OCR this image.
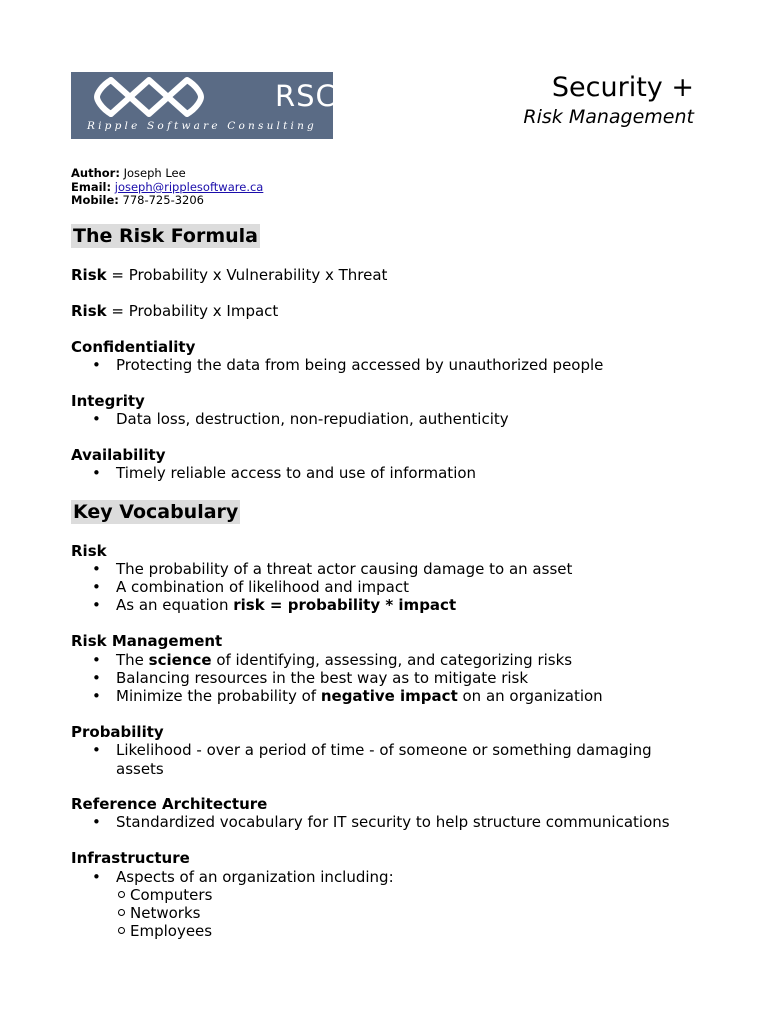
RSC
Ripple Software Consulting
Security +
Risk Management
Author: Joseph Lee
Email: joseph@ripplesoftware.ca
Mobile: 778-725-3206
The Risk Formula
Risk = Probability x Vulnerability x Threat
Risk = Probability x Impact
Confidentiality
•	Protecting the data from being accessed by unauthorized people
Integrity
•	Data loss, destruction, non-repudiation, authenticity
Availability
•	Timely reliable access to and use of information
Key Vocabulary
Risk
•	The probability of a threat actor causing damage to an asset
•	A combination of likelihood and impact
•	As an equation risk = probability * impact
Risk Management
•	The science of identifying, assessing, and categorizing risks
•	Balancing resources in the best way as to mitigate risk
•	Minimize the probability of negative impact on an organization
Probability
•	Likelihood - over a period of time - of someone or something damaging
assets
Reference Architecture
•	Standardized vocabulary for IT security to help structure communications
Infrastructure
•	Aspects of an organization including:
Computers
Networks
Employees
